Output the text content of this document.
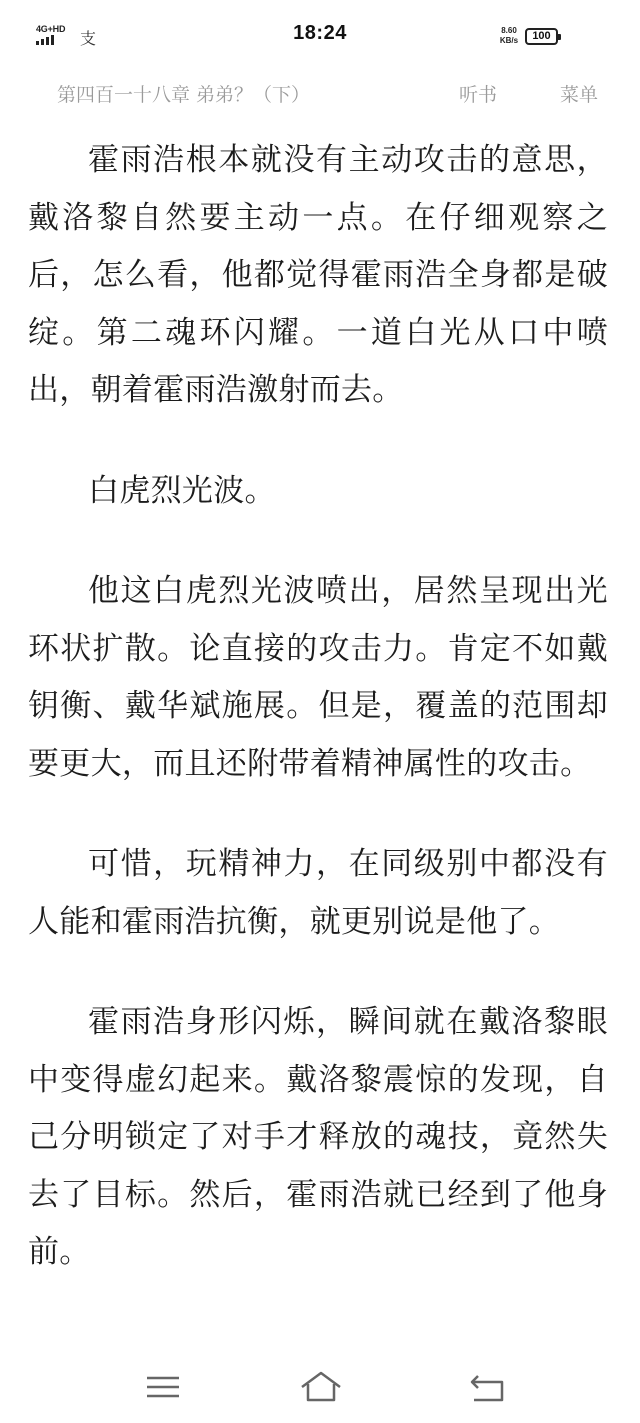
4G+HD
支	18:24	8.60
KB/s	100
第四百一十八章 弟弟？（下）	听书	菜单

霍雨浩根本就没有主动攻击的意思，戴洛黎自然要主动一点。在仔细观察之后，怎么看，他都觉得霍雨浩全身都是破绽。第二魂环闪耀。一道白光从口中喷出，朝着霍雨浩激射而去。

白虎烈光波。

他这白虎烈光波喷出，居然呈现出光环状扩散。论直接的攻击力。肯定不如戴钥衡、戴华斌施展。但是，覆盖的范围却要更大，而且还附带着精神属性的攻击。

可惜，玩精神力，在同级别中都没有人能和霍雨浩抗衡，就更别说是他了。

霍雨浩身形闪烁，瞬间就在戴洛黎眼中变得虚幻起来。戴洛黎震惊的发现，自己分明锁定了对手才释放的魂技，竟然失去了目标。然后，霍雨浩就已经到了他身前。
